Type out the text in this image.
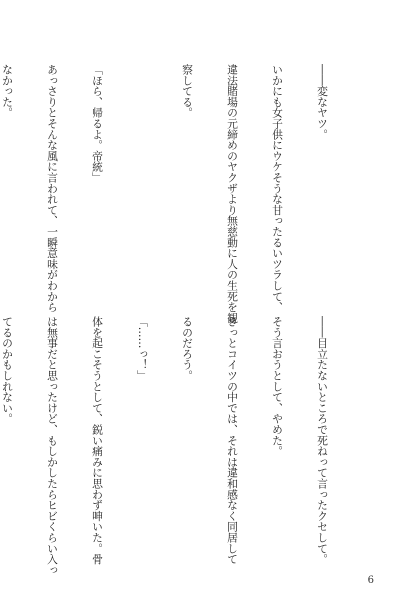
――変なヤツ。

いかにも女子供にウケそうな甘ったるいツラして、

違法賭場の元締めのヤクザより無慈動に人の生死を観

察してる。

「ほら、帰るよ。帝統」

あっさりとそんな風に言われて、一瞬意味がわから

なかった。

――目立たないところで死ねって言ったクセして。

そう言おうとして、やめた。

きっとコイツの中では、それは違和感なく同居して

るのだろう。

「……っ！」

体を起こそうとして、鋭い痛みに思わず呻いた。骨

は無事だと思ったけど、もしかしたらヒビくらい入っ

てるのかもしれない。

6
